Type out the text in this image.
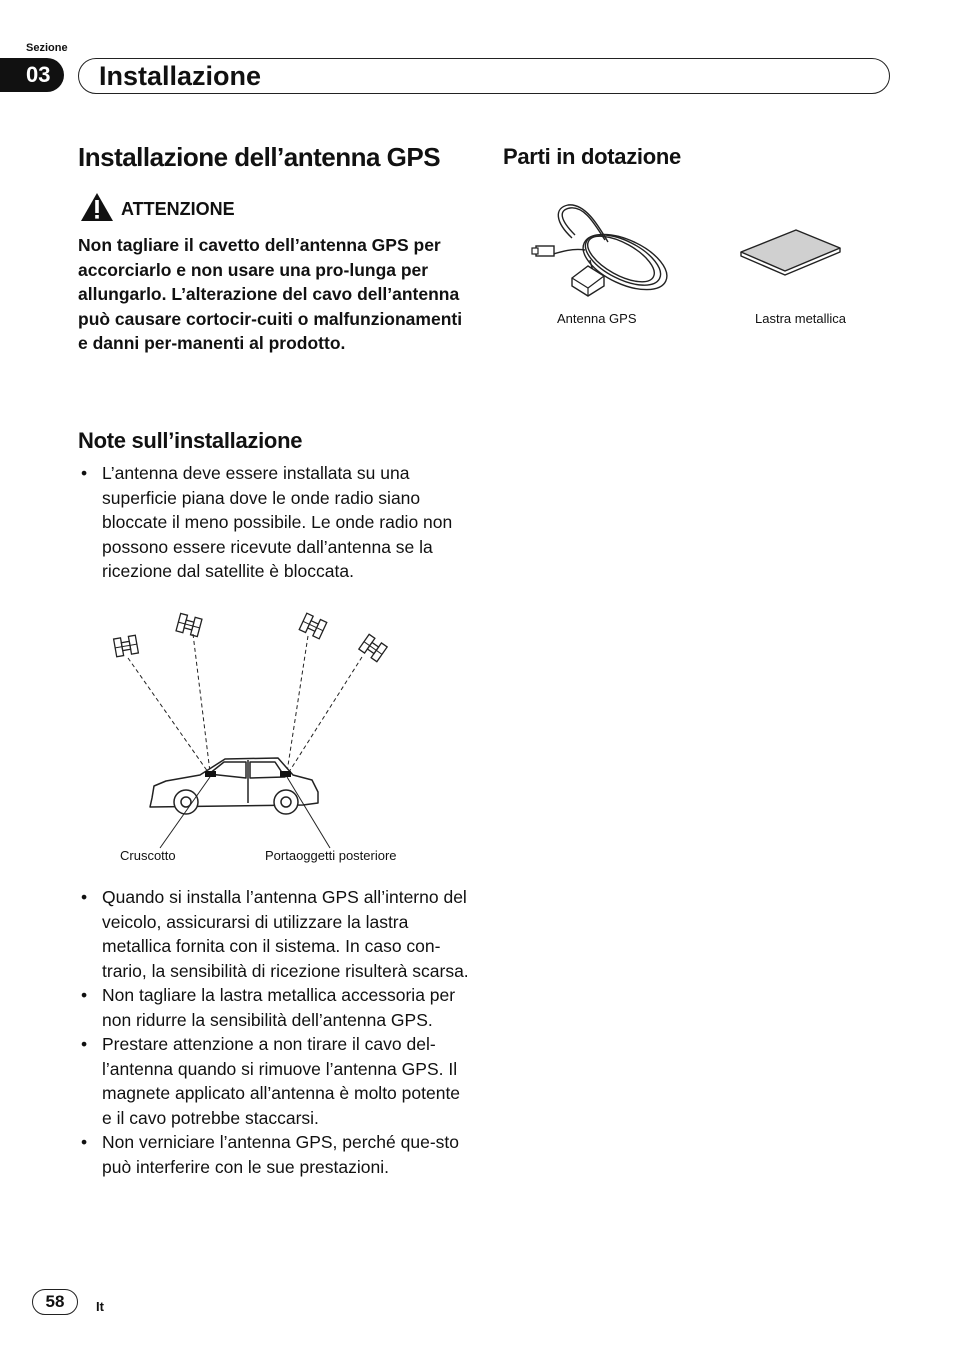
Sezione
03	Installazione
Installazione dell’antenna GPS
ATTENZIONE
Non tagliare il cavetto dell’antenna GPS per accorciarlo e non usare una pro-lunga per allungarlo. L’alterazione del cavo dell’antenna può causare cortocir-cuiti o malfunzionamenti e danni per-manenti al prodotto.
Note sull’installazione
• L’antenna deve essere installata su una superficie piana dove le onde radio siano bloccate il meno possibile. Le onde radio non possono essere ricevute dall’antenna se la ricezione dal satellite è bloccata.
Cruscotto	Portaoggetti posteriore
• Quando si installa l’antenna GPS all’interno del veicolo, assicurarsi di utilizzare la lastra metallica fornita con il sistema. In caso con-trario, la sensibilità di ricezione risulterà scarsa.
• Non tagliare la lastra metallica accessoria per non ridurre la sensibilità dell’antenna GPS.
• Prestare attenzione a non tirare il cavo del-l’antenna quando si rimuove l’antenna GPS. Il magnete applicato all’antenna è molto potente e il cavo potrebbe staccarsi.
• Non verniciare l’antenna GPS, perché que-sto può interferire con le sue prestazioni.
Parti in dotazione
Antenna GPS	Lastra metallica
58	It
